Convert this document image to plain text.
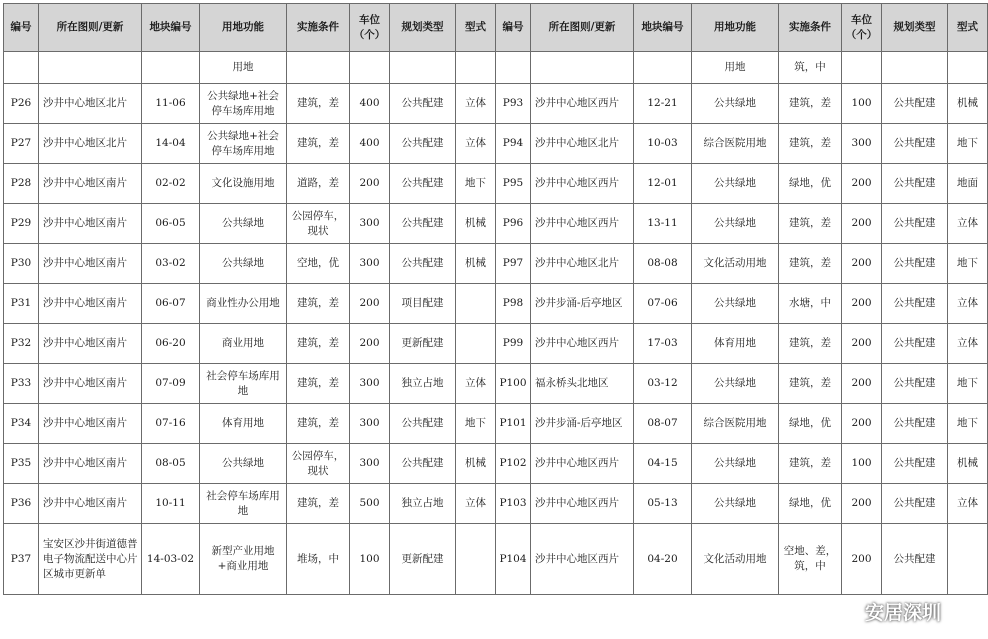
编号	所在图则/更新	地块编号	用地功能	实施条件	车位（个）	规划类型	型式	编号	所在图则/更新	地块编号	用地功能	实施条件	车位（个）	规划类型	型式
			用地								用地	筑，中			
P26	沙井中心地区北片	11-06	公共绿地+社会停车场库用地	建筑，差	400	公共配建	立体	P93	沙井中心地区西片	12-21	公共绿地	建筑，差	100	公共配建	机械
P27	沙井中心地区北片	14-04	公共绿地+社会停车场库用地	建筑，差	400	公共配建	立体	P94	沙井中心地区北片	10-03	综合医院用地	建筑，差	300	公共配建	地下
P28	沙井中心地区南片	02-02	文化设施用地	道路，差	200	公共配建	地下	P95	沙井中心地区西片	12-01	公共绿地	绿地，优	200	公共配建	地面
P29	沙井中心地区南片	06-05	公共绿地	公园停车，现状	300	公共配建	机械	P96	沙井中心地区西片	13-11	公共绿地	建筑，差	200	公共配建	立体
P30	沙井中心地区南片	03-02	公共绿地	空地，优	300	公共配建	机械	P97	沙井中心地区北片	08-08	文化活动用地	建筑，差	200	公共配建	地下
P31	沙井中心地区南片	06-07	商业性办公用地	建筑，差	200	项目配建		P98	沙井步涌-后亭地区	07-06	公共绿地	水塘，中	200	公共配建	立体
P32	沙井中心地区南片	06-20	商业用地	建筑，差	200	更新配建		P99	沙井中心地区西片	17-03	体育用地	建筑，差	200	公共配建	立体
P33	沙井中心地区南片	07-09	社会停车场库用地	建筑，差	300	独立占地	立体	P100	福永桥头北地区	03-12	公共绿地	建筑，差	200	公共配建	地下
P34	沙井中心地区南片	07-16	体育用地	建筑，差	300	公共配建	地下	P101	沙井步涌-后亭地区	08-07	综合医院用地	绿地，优	200	公共配建	地下
P35	沙井中心地区南片	08-05	公共绿地	公园停车，现状	300	公共配建	机械	P102	沙井中心地区西片	04-15	公共绿地	建筑，差	100	公共配建	机械
P36	沙井中心地区南片	10-11	社会停车场库用地	建筑，差	500	独立占地	立体	P103	沙井中心地区西片	05-13	公共绿地	绿地，优	200	公共配建	立体
P37	宝安区沙井街道德普电子物流配送中心片区城市更新单	14-03-02	新型产业用地+商业用地	堆场，中	100	更新配建		P104	沙井中心地区西片	04-20	文化活动用地	空地、差，筑，中	200	公共配建	
安居深圳
